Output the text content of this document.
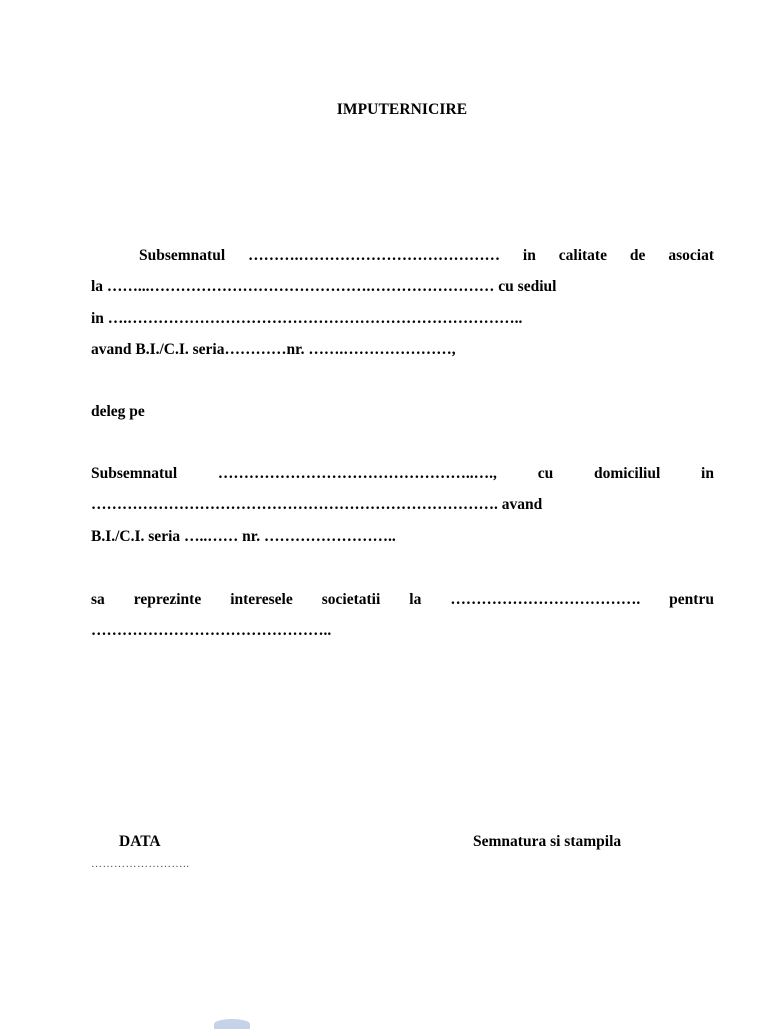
IMPUTERNICIRE
Subsemnatul ……….………………………………… in calitate de asociat
la ……...…………………………………….…………………… cu sediul
in ….…………………………………………………………………..
avand B.I./C.I. seria…………nr. …….…………………,
deleg pe
Subsemnatul	…………………………………………..….,	cu	domiciliul	in
……………………………………………………………………. avand
B.I./C.I. seria …..…… nr. ……………………..
sa reprezinte interesele societatii la ………………………………. pentru
………………………………………..
DATA
……………………..
Semnatura si stampila
